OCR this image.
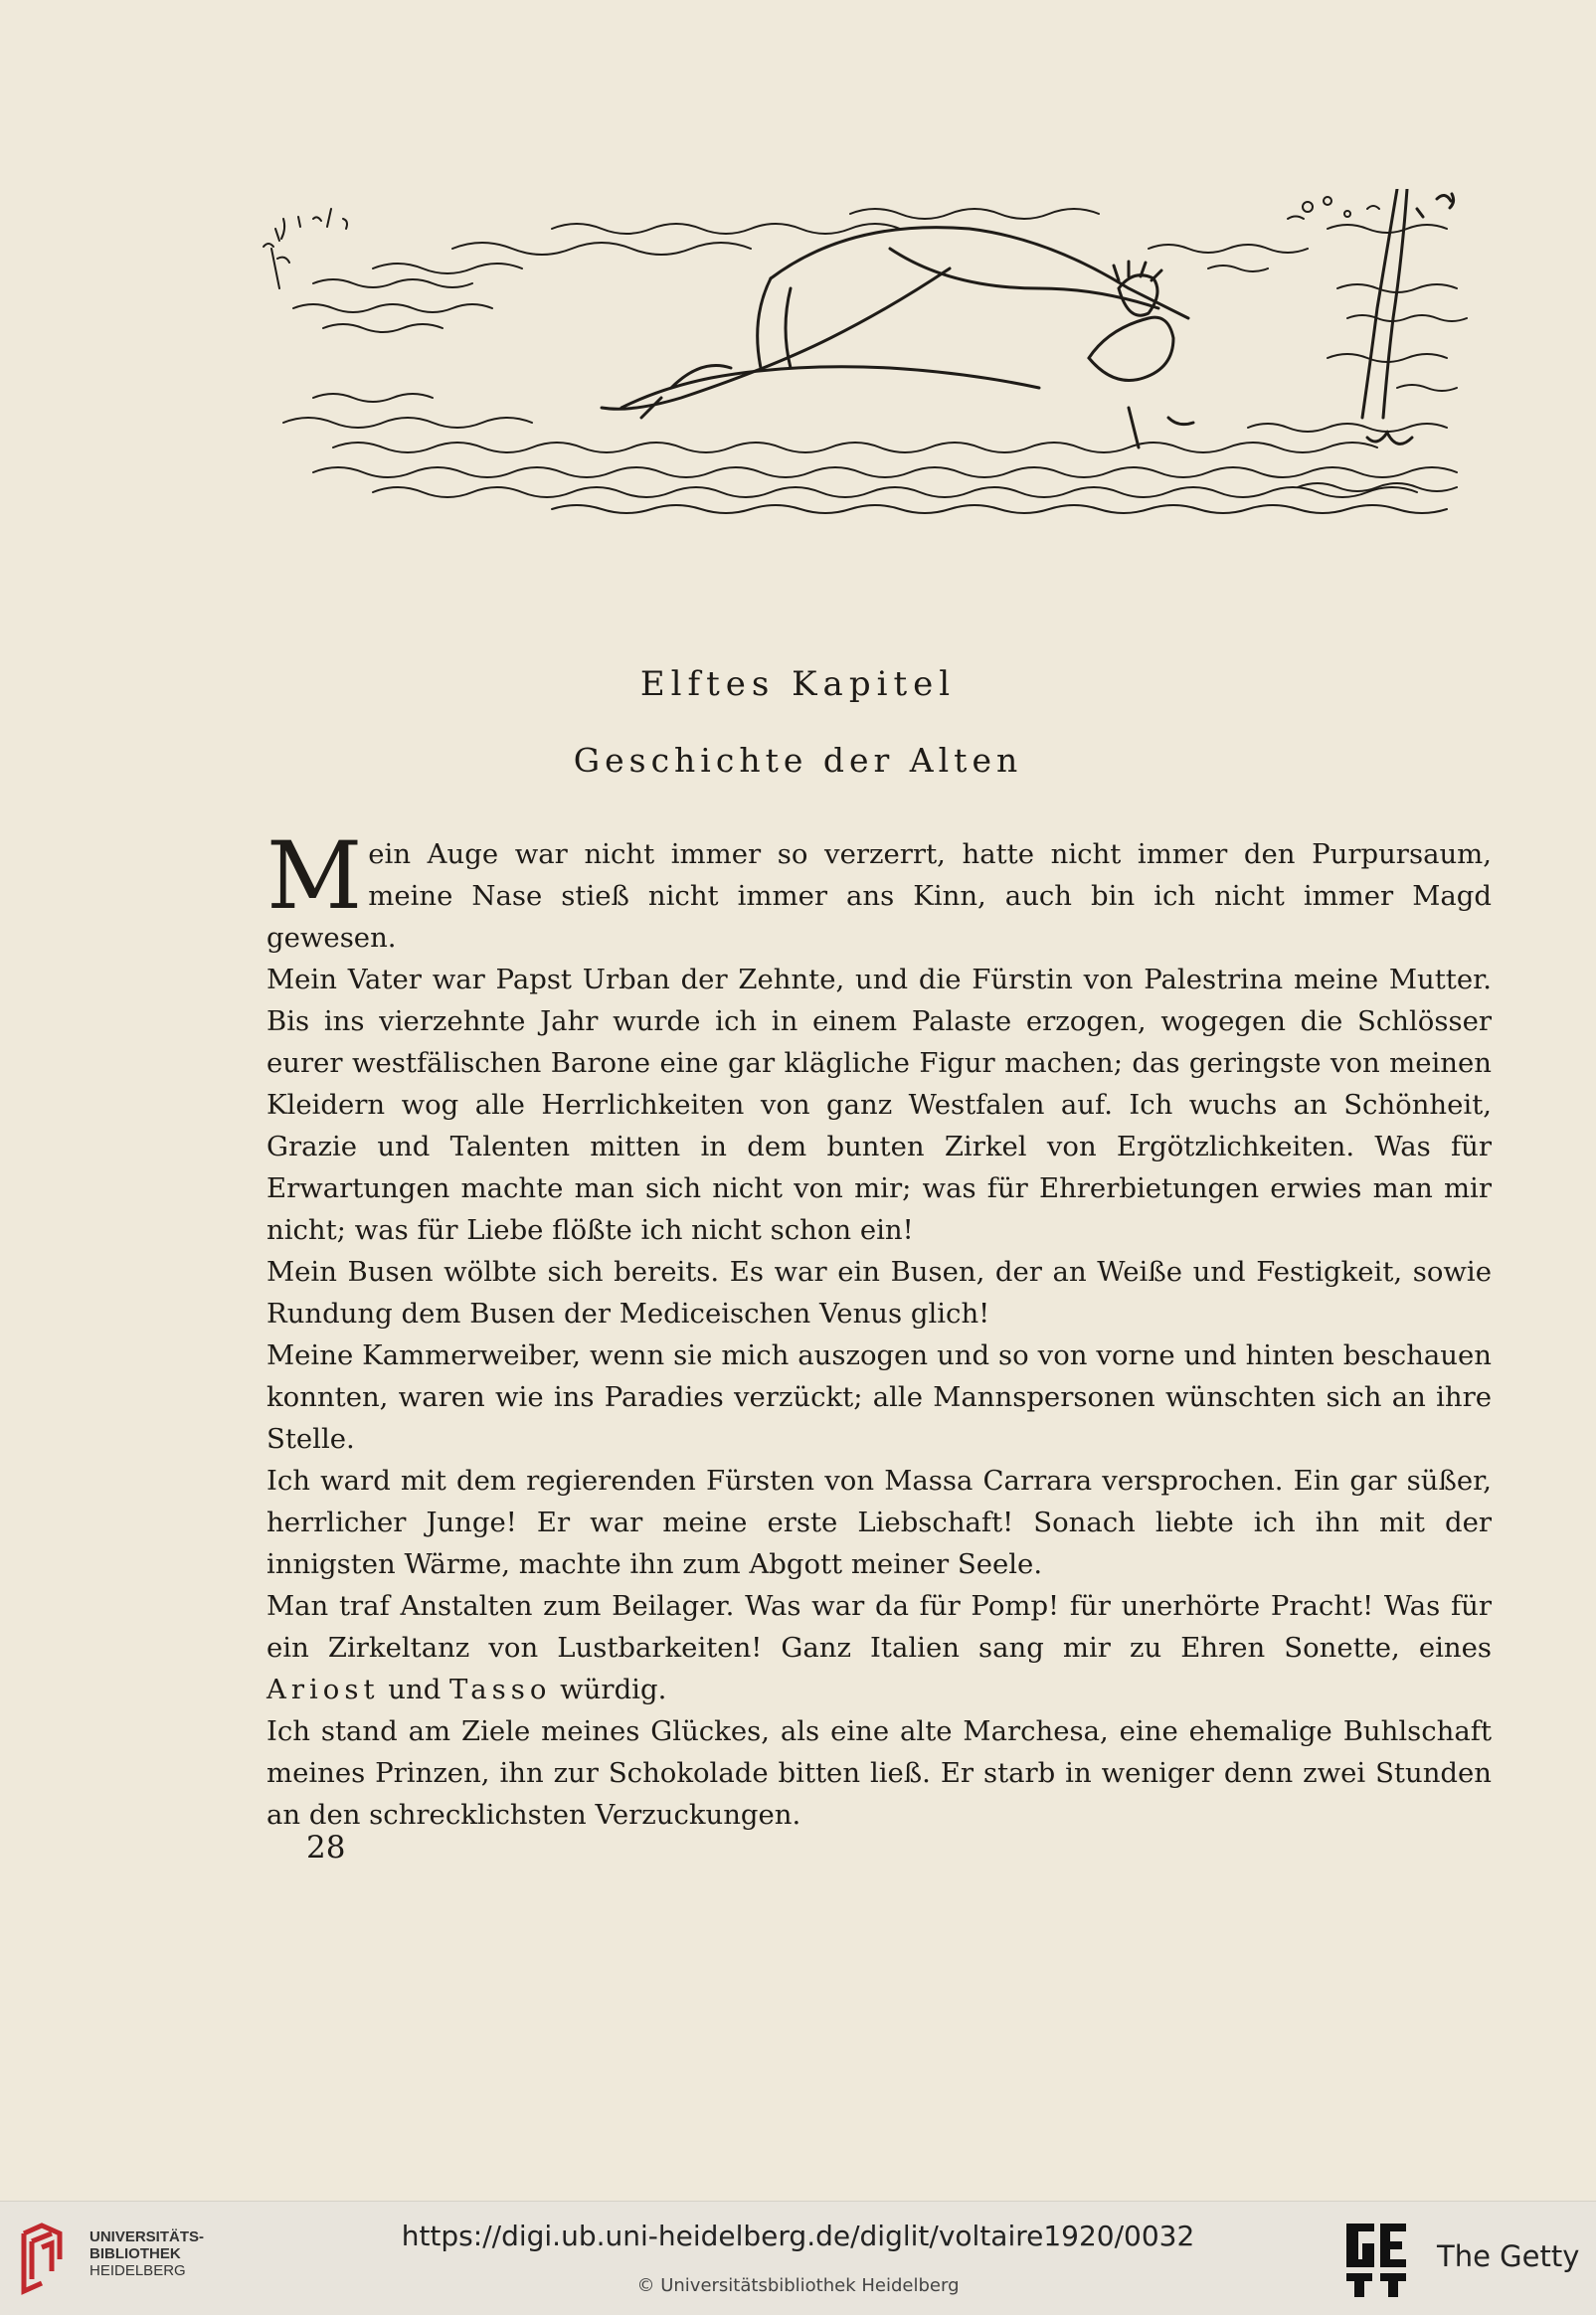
Elftes Kapitel
Geschichte der Alten

Mein Auge war nicht immer so verzerrt, hatte nicht immer den Purpursaum, meine Nase stieß nicht immer ans Kinn, auch bin ich nicht immer Magd gewesen.

Mein Vater war Papst Urban der Zehnte, und die Fürstin von Palestrina meine Mutter. Bis ins vierzehnte Jahr wurde ich in einem Palaste erzogen, wogegen die Schlösser eurer westfälischen Barone eine gar klägliche Figur machen; das geringste von meinen Kleidern wog alle Herrlichkeiten von ganz Westfalen auf. Ich wuchs an Schönheit, Grazie und Talenten mitten in dem bunten Zirkel von Ergötzlichkeiten. Was für Erwartungen machte man sich nicht von mir; was für Ehrerbietungen erwies man mir nicht; was für Liebe flößte ich nicht schon ein!

Mein Busen wölbte sich bereits. Es war ein Busen, der an Weiße und Festigkeit, sowie Rundung dem Busen der Mediceischen Venus glich!

Meine Kammerweiber, wenn sie mich auszogen und so von vorne und hinten beschauen konnten, waren wie ins Paradies verzückt; alle Mannspersonen wünschten sich an ihre Stelle.

Ich ward mit dem regierenden Fürsten von Massa Carrara versprochen. Ein gar süßer, herrlicher Junge! Er war meine erste Liebschaft! Sonach liebte ich ihn mit der innigsten Wärme, machte ihn zum Abgott meiner Seele.

Man traf Anstalten zum Beilager. Was war da für Pomp! für unerhörte Pracht! Was für ein Zirkeltanz von Lustbarkeiten! Ganz Italien sang mir zu Ehren Sonette, eines Ariost und Tasso würdig.

Ich stand am Ziele meines Glückes, als eine alte Marchesa, eine ehemalige Buhlschaft meines Prinzen, ihn zur Schokolade bitten ließ. Er starb in weniger denn zwei Stunden an den schrecklichsten Verzuckungen.

28
UNIVERSITÄTS-
BIBLIOTHEK
HEIDELBERG
https://digi.ub.uni-heidelberg.de/diglit/voltaire1920/0032
© Universitätsbibliothek Heidelberg
The Getty
